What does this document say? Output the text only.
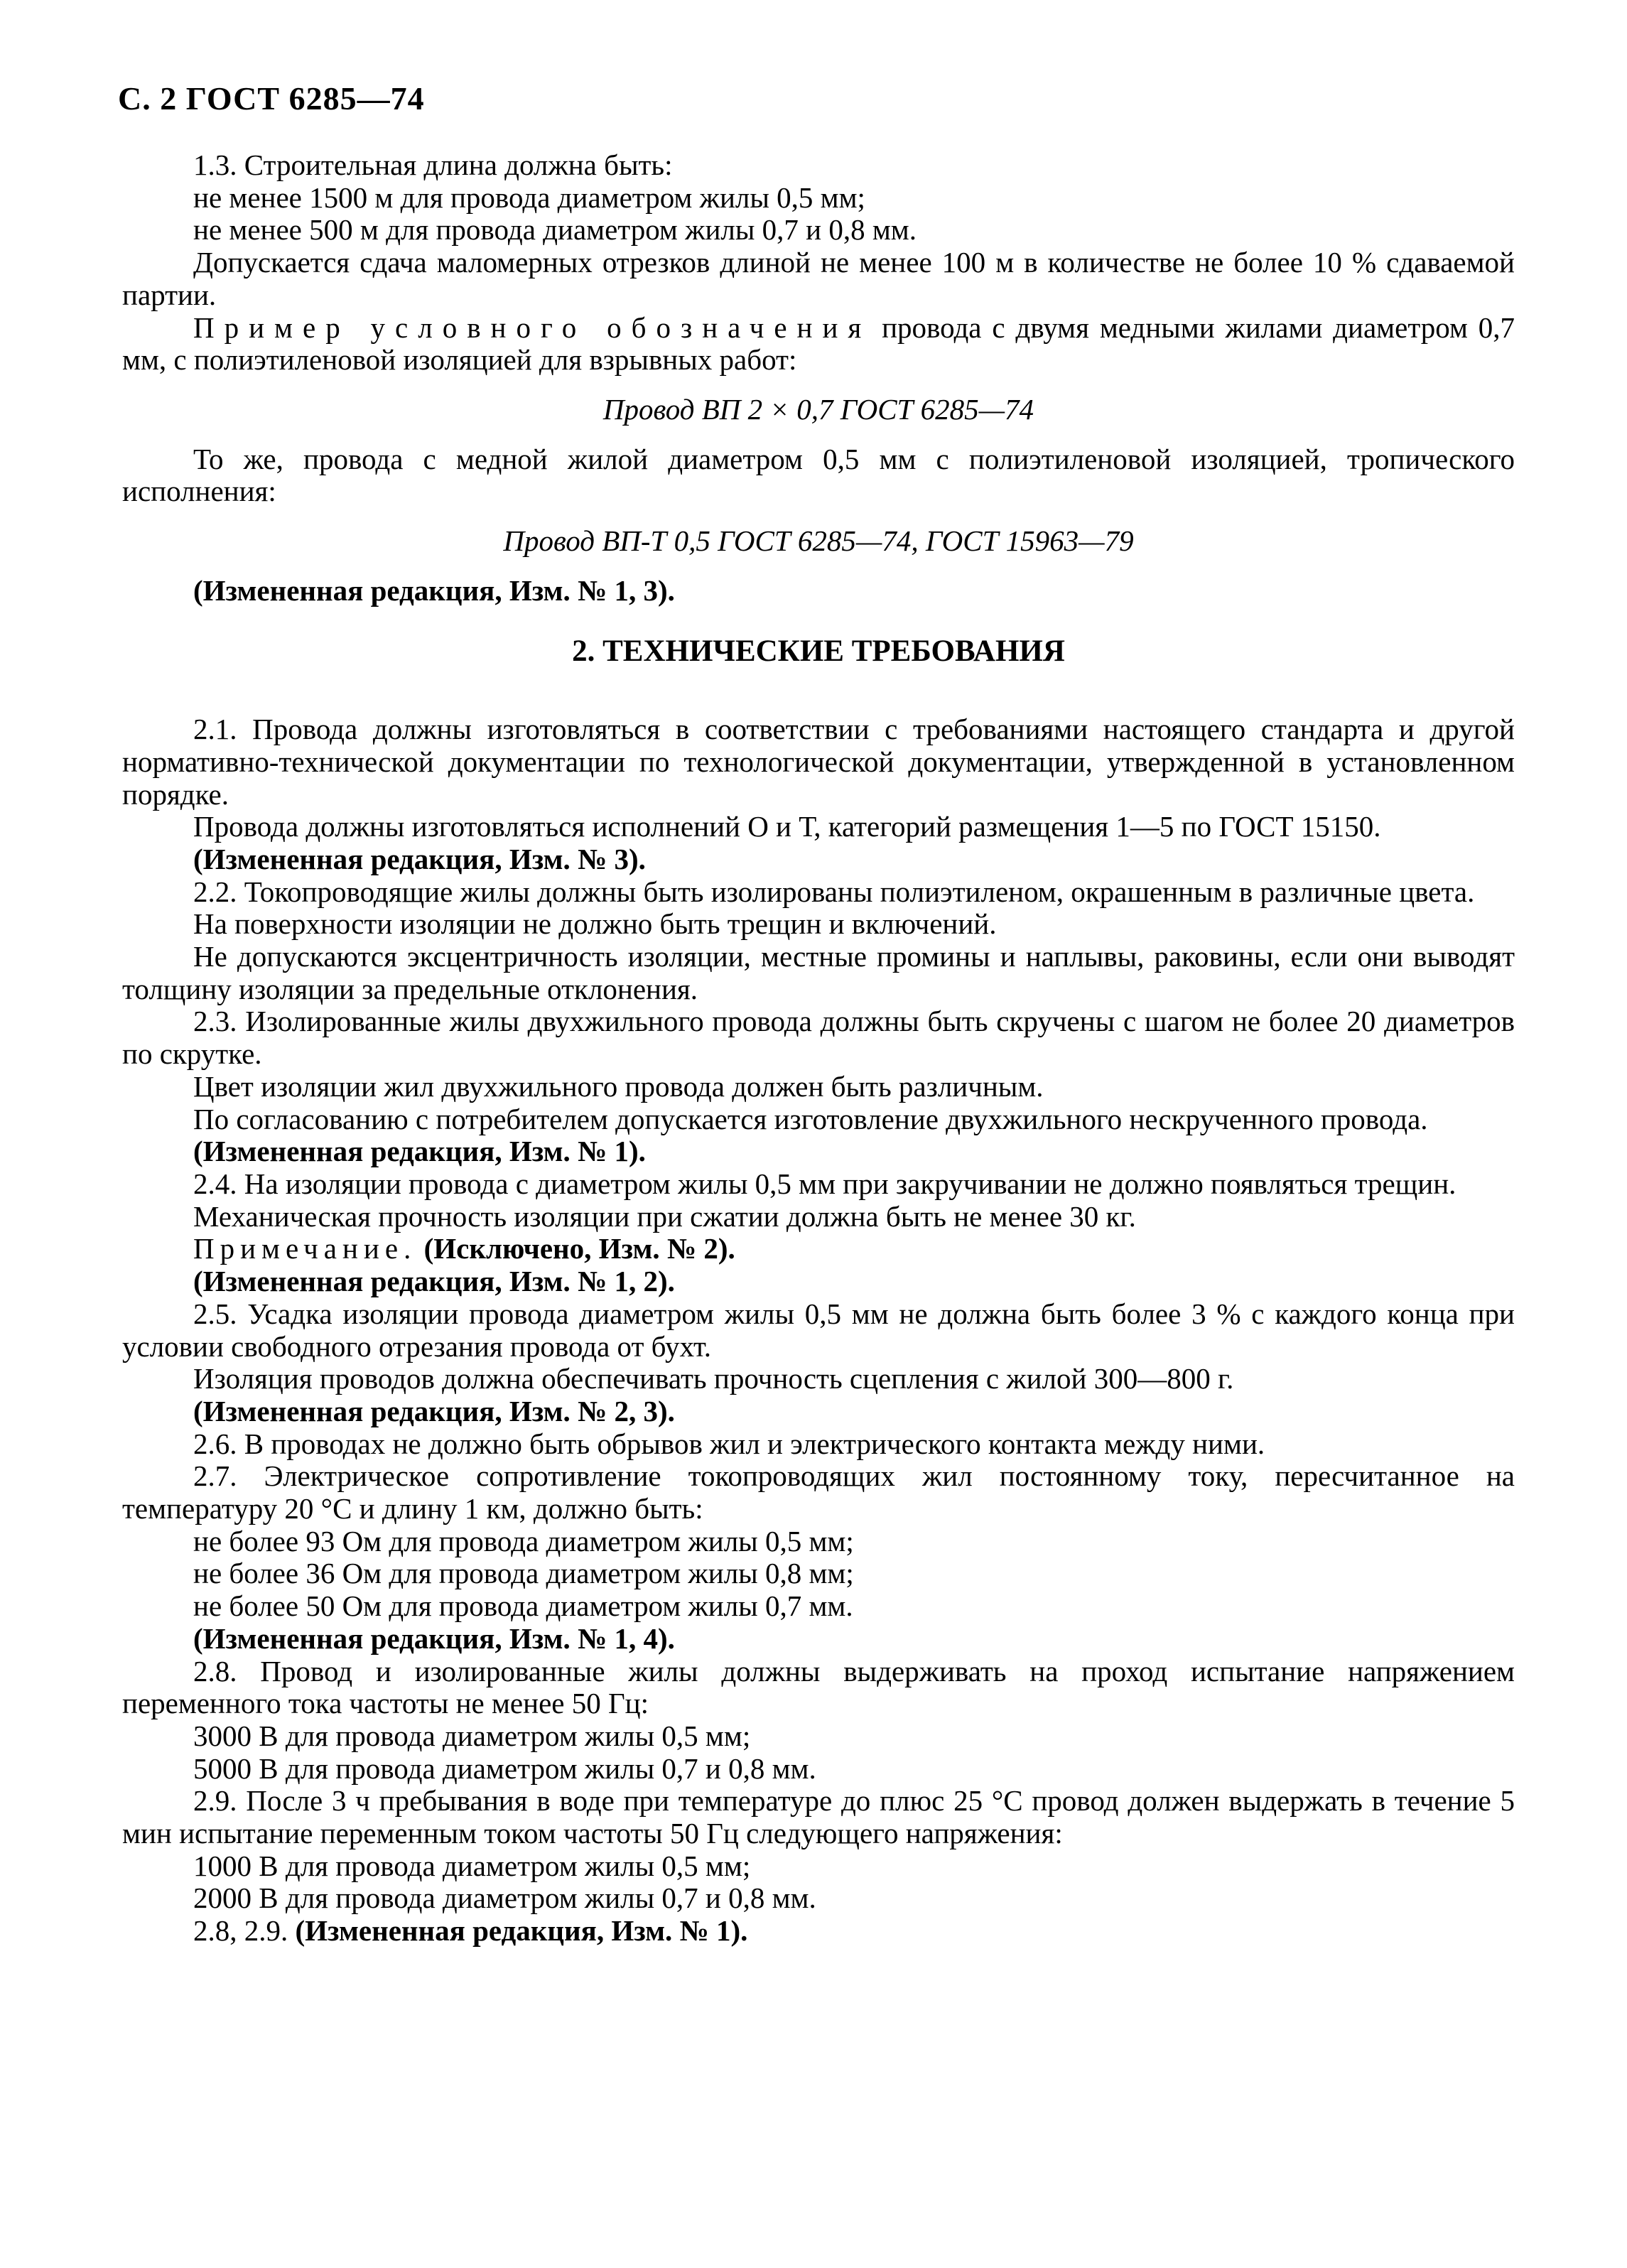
С. 2 ГОСТ 6285—74

1.3. Строительная длина должна быть:

не менее 1500 м для провода диаметром жилы 0,5 мм;

не менее 500 м для провода диаметром жилы 0,7 и 0,8 мм.

Допускается сдача маломерных отрезков длиной не менее 100 м в количестве не более 10 % сдаваемой партии.

Пример условного обозначения провода с двумя медными жилами диаметром 0,7 мм, с полиэтиленовой изоляцией для взрывных работ:

Провод ВП 2 × 0,7 ГОСТ 6285—74

То же, провода с медной жилой диаметром 0,5 мм с полиэтиленовой изоляцией, тропического исполнения:

Провод ВП-Т 0,5 ГОСТ 6285—74, ГОСТ 15963—79

(Измененная редакция, Изм. № 1, 3).

2. ТЕХНИЧЕСКИЕ ТРЕБОВАНИЯ

2.1. Провода должны изготовляться в соответствии с требованиями настоящего стандарта и другой нормативно-технической документации по технологической документации, утвержденной в установленном порядке.

Провода должны изготовляться исполнений О и Т, категорий размещения 1—5 по ГОСТ 15150.

(Измененная редакция, Изм. № 3).

2.2. Токопроводящие жилы должны быть изолированы полиэтиленом, окрашенным в различные цвета.

На поверхности изоляции не должно быть трещин и включений.

Не допускаются эксцентричность изоляции, местные промины и наплывы, раковины, если они выводят толщину изоляции за предельные отклонения.

2.3. Изолированные жилы двухжильного провода должны быть скручены с шагом не более 20 диаметров по скрутке.

Цвет изоляции жил двухжильного провода должен быть различным.

По согласованию с потребителем допускается изготовление двухжильного нескрученного провода.

(Измененная редакция, Изм. № 1).

2.4. На изоляции провода с диаметром жилы 0,5 мм при закручивании не должно появляться трещин.

Механическая прочность изоляции при сжатии должна быть не менее 30 кг.

Примечание. (Исключено, Изм. № 2).

(Измененная редакция, Изм. № 1, 2).

2.5. Усадка изоляции провода диаметром жилы 0,5 мм не должна быть более 3 % с каждого конца при условии свободного отрезания провода от бухт.

Изоляция проводов должна обеспечивать прочность сцепления с жилой 300—800 г.

(Измененная редакция, Изм. № 2, 3).

2.6. В проводах не должно быть обрывов жил и электрического контакта между ними.

2.7. Электрическое сопротивление токопроводящих жил постоянному току, пересчитанное на температуру 20 °С и длину 1 км, должно быть:

не более 93 Ом для провода диаметром жилы 0,5 мм;

не более 36 Ом для провода диаметром жилы 0,8 мм;

не более 50 Ом для провода диаметром жилы 0,7 мм.

(Измененная редакция, Изм. № 1, 4).

2.8. Провод и изолированные жилы должны выдерживать на проход испытание напряжением переменного тока частоты не менее 50 Гц:

3000 В для провода диаметром жилы 0,5 мм;

5000 В для провода диаметром жилы 0,7 и 0,8 мм.

2.9. После 3 ч пребывания в воде при температуре до плюс 25 °С провод должен выдержать в течение 5 мин испытание переменным током частоты 50 Гц следующего напряжения:

1000 В для провода диаметром жилы 0,5 мм;

2000 В для провода диаметром жилы 0,7 и 0,8 мм.

2.8, 2.9. (Измененная редакция, Изм. № 1).
